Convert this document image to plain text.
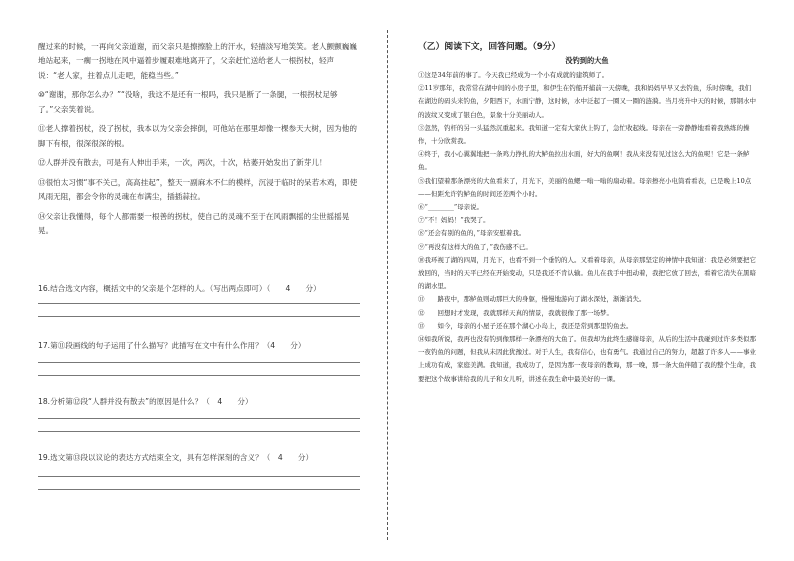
醒过来的时候，一再向父亲道谢，而父亲只是擦擦脸上的汗水，轻描淡写地笑笑。老人颤颤巍巍地站起来，一瘸一拐地在风中逼着步履艰难地离开了，父亲赶忙送给老人一根拐杖，轻声说：“老人家，拄着点儿走吧，能稳当些。”

⑩“谢谢，那你怎么办？”“没啥，我这不是还有一根吗，我只是断了一条腿，一根拐杖足够了。”父亲笑着说。

⑪老人撑着拐杖，没了拐杖，我本以为父亲会摔倒，可他站在那里却像一棵参天大树，因为他的脚下有根，很深很深的根。

⑫人群并没有散去，可是有人伸出手来，一次，两次，十次，枯萎开始发出了新芽儿！

⑬很怕太习惯“事不关己，高高挂起”，整天一副麻木不仁的模样，沉浸于临时的呆若木鸡，即使风雨无阻，都会令你的灵魂在布满尘，插插蒜拉。

⑭父亲让我懂得，每个人都需要一根善的拐杖，使自己的灵魂不至于在风雨飘摇的尘世摇摇晃晃。

16.结合选文内容，概括文中的父亲是个怎样的人。（写出两点即可）（　　4　　分）

17.第⑪段画线的句子运用了什么描写？此描写在文中有什么作用？（4　　分）

18.分析第⑫段“人群并没有散去”的原因是什么？（　4　　分）

19.选文第⑬段以议论的表达方式结束全文，具有怎样深刻的含义？（　4　　分）

（乙）阅读下文，回答问题。（9分）

没钓到的大鱼

①这是34年前的事了。今天我已经成为一个小有成就的建筑师了。

②11岁那年，我常常在湖中间的小房子里，和伊生在钓船开捕前一天傍晚，我和妈妈早早又去钓鱼，乐时傍晚，我们在湖边的码头来钓鱼，夕阳西下，水面宁静，这时候，水中泛起了一圈又一圈的涟漪。当月亮升中天的时候，那钢水中的波纹又变成了银白色，景象十分美丽动人。

③忽然，钓杆的另一头猛然沉重起来。我知道一定有大家伙上钩了，急忙收起线。母亲在一旁静静地看着我熟练的操作，十分欣赏我。

④终于，我小心翼翼地把一条鸡力挣扎的大鲈鱼拉出水面，好大的鱼啊！我从来没有见过这么大的鱼呢！它是一条鲈鱼。

⑤我们望着那条漂亮的大鱼看来了，月光下，美丽的鱼鳃一嗡一嗡的扇动着。母亲擦亮小电筒看看表，已是晚上10点——但距允许钓鲈鱼的时间还差两个小时。

⑥“________”母亲说。

⑦“不！妈妈！”我哭了。

⑧“还会有别的鱼的，”母亲安慰着我。

⑨“再没有这样大的鱼了，”我伤感不已。

⑩我环视了湖的四周，月光下，也看不到一个垂钓的人。又看着母亲，从母亲那坚定的神情中我知道：我是必须要把它放回的，当时的天平已经在开始变动，只是我还不肯认输。鱼儿在我手中扭动着，我把它放了回去，看着它消失在黑暗的湖水里。

⑪　　路夜中，那鲈鱼则动那巨大的身躯，慢慢地游向了湖水深处，渐渐消失。

⑫　　回想时才发现，我就那样天真的情景，我就很像了那一场梦。

⑬　　如今，母亲的小屋子还在那个湖心小岛上，我还是常到那里钓鱼去。

⑭如我所说，我再也没有钓到像那样一条漂亮的大鱼了。但我却为此终生感谢母亲，从后的生活中我碰到过许多类似那一夜钓鱼的问题，但我从未因此犹豫过。对于人生，我有信心，也有勇气。我通过自己的努力，超越了许多人——事业上成功有成，家庭美满。我知道，我成功了，是因为那一夜母亲的教诲，那一晚，那一条大鱼伴随了我的整个生命，我要把这个故事讲给我的儿子和女儿听，讲述在我生命中最美好的一课。
